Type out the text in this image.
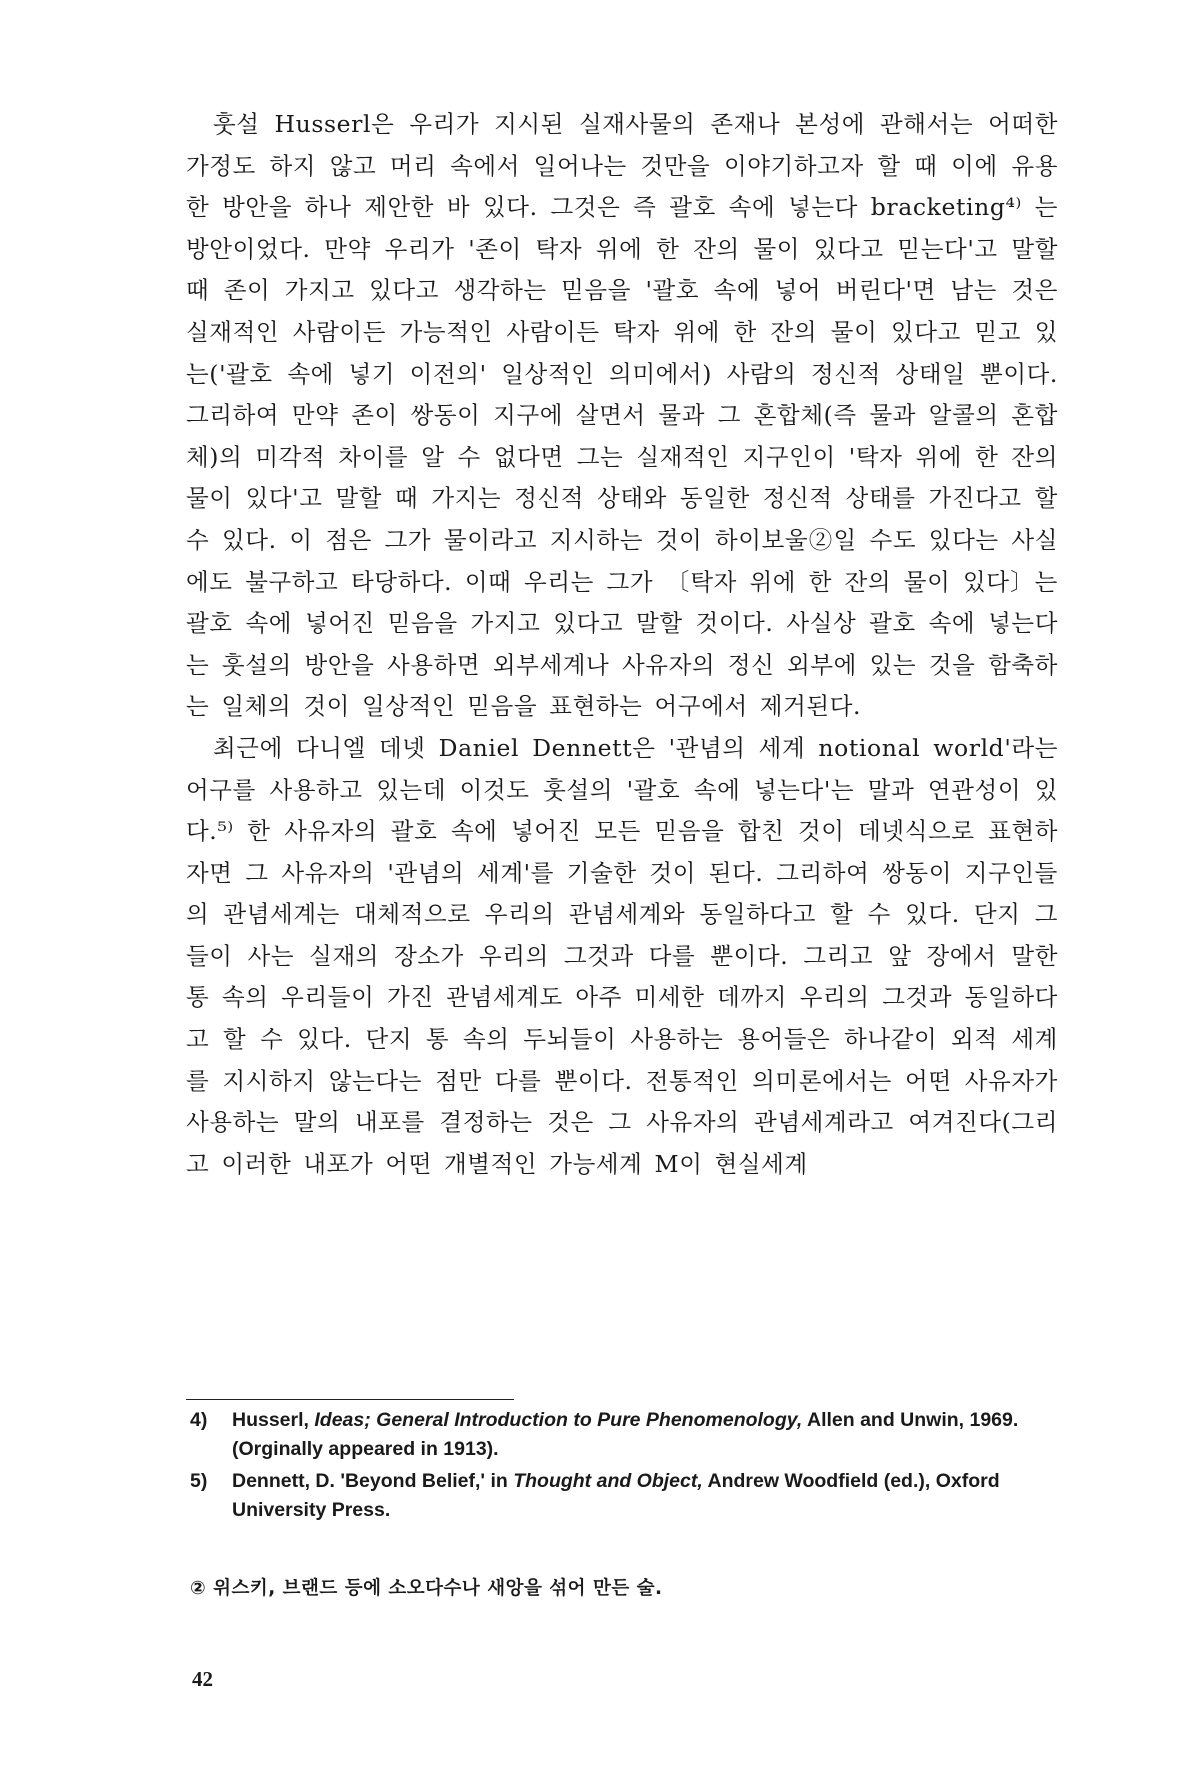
훗설 Husserl은 우리가 지시된 실재사물의 존재나 본성에 관해서는 어떠한 가정도 하지 않고 머리 속에서 일어나는 것만을 이야기하고자 할 때 이에 유용한 방안을 하나 제안한 바 있다. 그것은 즉 괄호 속에 넣는다 bracketing⁴⁾ 는 방안이었다. 만약 우리가 '존이 탁자 위에 한 잔의 물이 있다고 믿는다'고 말할 때 존이 가지고 있다고 생각하는 믿음을 '괄호 속에 넣어 버린다'면 남는 것은 실재적인 사람이든 가능적인 사람이든 탁자 위에 한 잔의 물이 있다고 믿고 있는('괄호 속에 넣기 이전의' 일상적인 의미에서) 사람의 정신적 상태일 뿐이다. 그리하여 만약 존이 쌍동이 지구에 살면서 물과 그 혼합체(즉 물과 알콜의 혼합체)의 미각적 차이를 알 수 없다면 그는 실재적인 지구인이 '탁자 위에 한 잔의 물이 있다'고 말할 때 가지는 정신적 상태와 동일한 정신적 상태를 가진다고 할 수 있다. 이 점은 그가 물이라고 지시하는 것이 하이보울②일 수도 있다는 사실에도 불구하고 타당하다. 이때 우리는 그가 〔탁자 위에 한 잔의 물이 있다〕는 괄호 속에 넣어진 믿음을 가지고 있다고 말할 것이다. 사실상 괄호 속에 넣는다는 훗설의 방안을 사용하면 외부세계나 사유자의 정신 외부에 있는 것을 함축하는 일체의 것이 일상적인 믿음을 표현하는 어구에서 제거된다.

최근에 다니엘 데넷 Daniel Dennett은 '관념의 세계 notional world'라는 어구를 사용하고 있는데 이것도 훗설의 '괄호 속에 넣는다'는 말과 연관성이 있다.⁵⁾ 한 사유자의 괄호 속에 넣어진 모든 믿음을 합친 것이 데넷식으로 표현하자면 그 사유자의 '관념의 세계'를 기술한 것이 된다. 그리하여 쌍동이 지구인들의 관념세계는 대체적으로 우리의 관념세계와 동일하다고 할 수 있다. 단지 그들이 사는 실재의 장소가 우리의 그것과 다를 뿐이다. 그리고 앞 장에서 말한 통 속의 우리들이 가진 관념세계도 아주 미세한 데까지 우리의 그것과 동일하다고 할 수 있다. 단지 통 속의 두뇌들이 사용하는 용어들은 하나같이 외적 세계를 지시하지 않는다는 점만 다를 뿐이다. 전통적인 의미론에서는 어떤 사유자가 사용하는 말의 내포를 결정하는 것은 그 사유자의 관념세계라고 여겨진다(그리고 이러한 내포가 어떤 개별적인 가능세계 M이 현실세계

4)	Husserl, Ideas; General Introduction to Pure Phenomenology, Allen and Unwin, 1969. (Orginally appeared in 1913).
5)	Dennett, D. 'Beyond Belief,' in Thought and Object, Andrew Woodfield (ed.), Oxford University Press.
② 위스키, 브랜드 등에 소오다수나 새앙을 섞어 만든 술.
42
